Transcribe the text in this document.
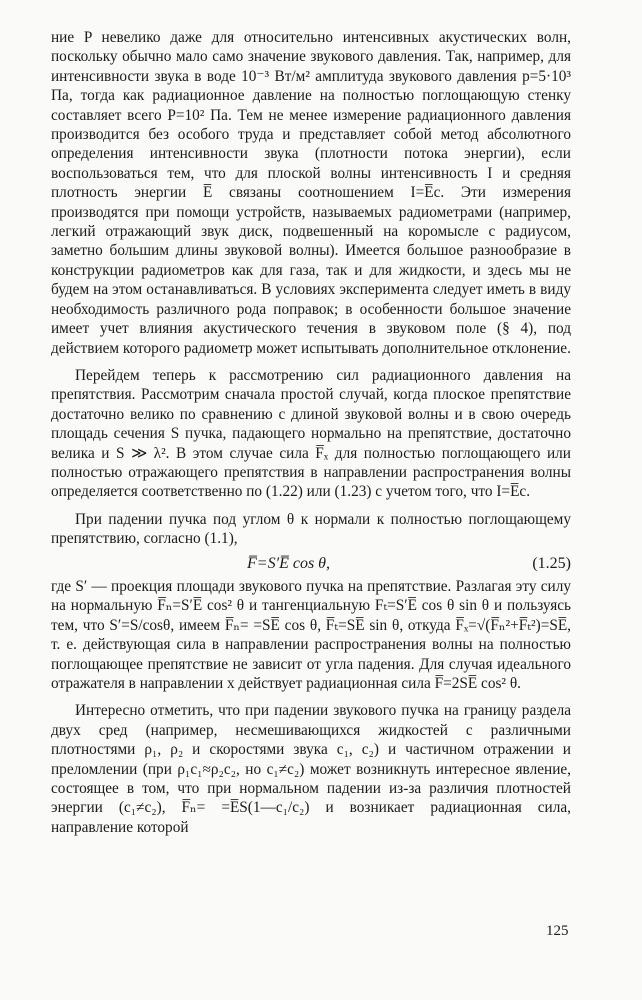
ние P невелико даже для относительно интенсивных акустических волн, поскольку обычно мало само значение звукового давления. Так, например, для интенсивности звука в воде 10⁻³ Вт/м² амплитуда звукового давления p=5·10³ Па, тогда как радиационное давление на полностью поглощающую стенку составляет всего P=10² Па. Тем не менее измерение радиационного давления производится без особого труда и представляет собой метод абсолютного определения интенсивности звука (плотности потока энергии), если воспользоваться тем, что для плоской волны интенсивность I и средняя плотность энергии E̅ связаны соотношением I=E̅c. Эти измерения производятся при помощи устройств, называемых радиометрами (например, легкий отражающий звук диск, подвешенный на коромысле с радиусом, заметно большим длины звуковой волны). Имеется большое разнообразие в конструкции радиометров как для газа, так и для жидкости, и здесь мы не будем на этом останавливаться. В условиях эксперимента следует иметь в виду необходимость различного рода поправок; в особенности большое значение имеет учет влияния акустического течения в звуковом поле (§ 4), под действием которого радиометр может испытывать дополнительное отклонение.

Перейдем теперь к рассмотрению сил радиационного давления на препятствия. Рассмотрим сначала простой случай, когда плоское препятствие достаточно велико по сравнению с длиной звуковой волны и в свою очередь площадь сечения S пучка, падающего нормально на препятствие, достаточно велика и S ≫ λ². В этом случае сила F̅ₓ для полностью поглощающего или полностью отражающего препятствия в направлении распространения волны определяется соответственно по (1.22) или (1.23) с учетом того, что I=E̅c.

При падении пучка под углом θ к нормали к полностью поглощающему препятствию, согласно (1.1),

F̅=S′E̅ cos θ,	(1.25)

где S′ — проекция площади звукового пучка на препятствие. Разлагая эту силу на нормальную F̅ₙ=S′E̅ cos² θ и тангенциальную Fₜ=S′E̅ cos θ sin θ и пользуясь тем, что S′=S/cosθ, имеем F̅ₙ= =SE̅ cos θ, F̅ₜ=SE̅ sin θ, откуда F̅ₓ=√(F̅ₙ²+F̅ₜ²)=SE̅, т. е. действующая сила в направлении распространения волны на полностью поглощающее препятствие не зависит от угла падения. Для случая идеального отражателя в направлении x действует радиационная сила F̅=2SE̅ cos² θ.

Интересно отметить, что при падении звукового пучка на границу раздела двух сред (например, несмешивающихся жидкостей с различными плотностями ρ₁, ρ₂ и скоростями звука c₁, c₂) и частичном отражении и преломлении (при ρ₁c₁≈ρ₂c₂, но c₁≠c₂) может возникнуть интересное явление, состоящее в том, что при нормальном падении из-за различия плотностей энергии (c₁≠c₂), F̅ₙ= =E̅S(1—c₁/c₂) и возникает радиационная сила, направление которой

125
